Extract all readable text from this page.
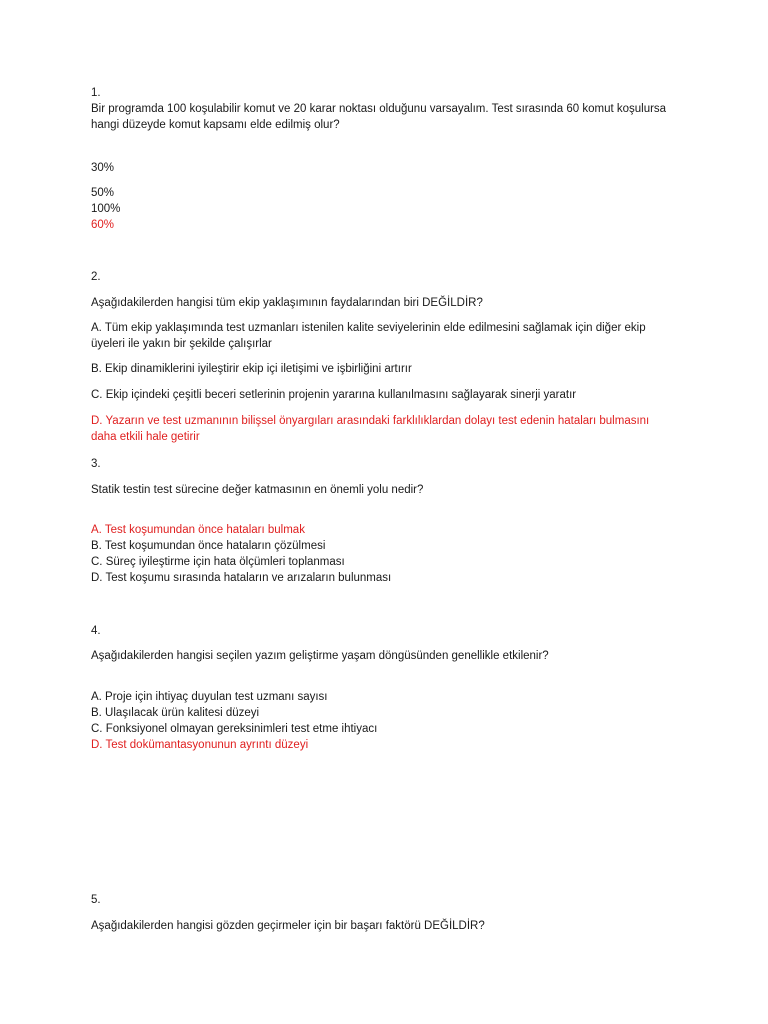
1.
Bir programda 100 koşulabilir komut ve 20 karar noktası olduğunu varsayalım. Test sırasında 60 komut koşulursa hangi düzeyde komut kapsamı elde edilmiş olur?
30%
50%
100%
60%
2.
Aşağıdakilerden hangisi tüm ekip yaklaşımının faydalarından biri DEĞİLDİR?
A. Tüm ekip yaklaşımında test uzmanları istenilen kalite seviyelerinin elde edilmesini sağlamak için diğer ekip üyeleri ile yakın bir şekilde çalışırlar
B. Ekip dinamiklerini iyileştirir ekip içi iletişimi ve işbirliğini artırır
C. Ekip içindeki çeşitli beceri setlerinin projenin yararına kullanılmasını sağlayarak sinerji yaratır
D. Yazarın ve test uzmanının bilişsel önyargıları arasındaki farklılıklardan dolayı test edenin hataları bulmasını daha etkili hale getirir
3.
Statik testin test sürecine değer katmasının en önemli yolu nedir?
A. Test koşumundan önce hataları bulmak
B. Test koşumundan önce hataların çözülmesi
C. Süreç iyileştirme için hata ölçümleri toplanması
D. Test koşumu sırasında hataların ve arızaların bulunması
4.
Aşağıdakilerden hangisi seçilen yazım geliştirme yaşam döngüsünden genellikle etkilenir?
A. Proje için ihtiyaç duyulan test uzmanı sayısı
B. Ulaşılacak ürün kalitesi düzeyi
C. Fonksiyonel olmayan gereksinimleri test etme ihtiyacı
D. Test dokümantasyonunun ayrıntı düzeyi
5.
Aşağıdakilerden hangisi gözden geçirmeler için bir başarı faktörü DEĞİLDİR?
